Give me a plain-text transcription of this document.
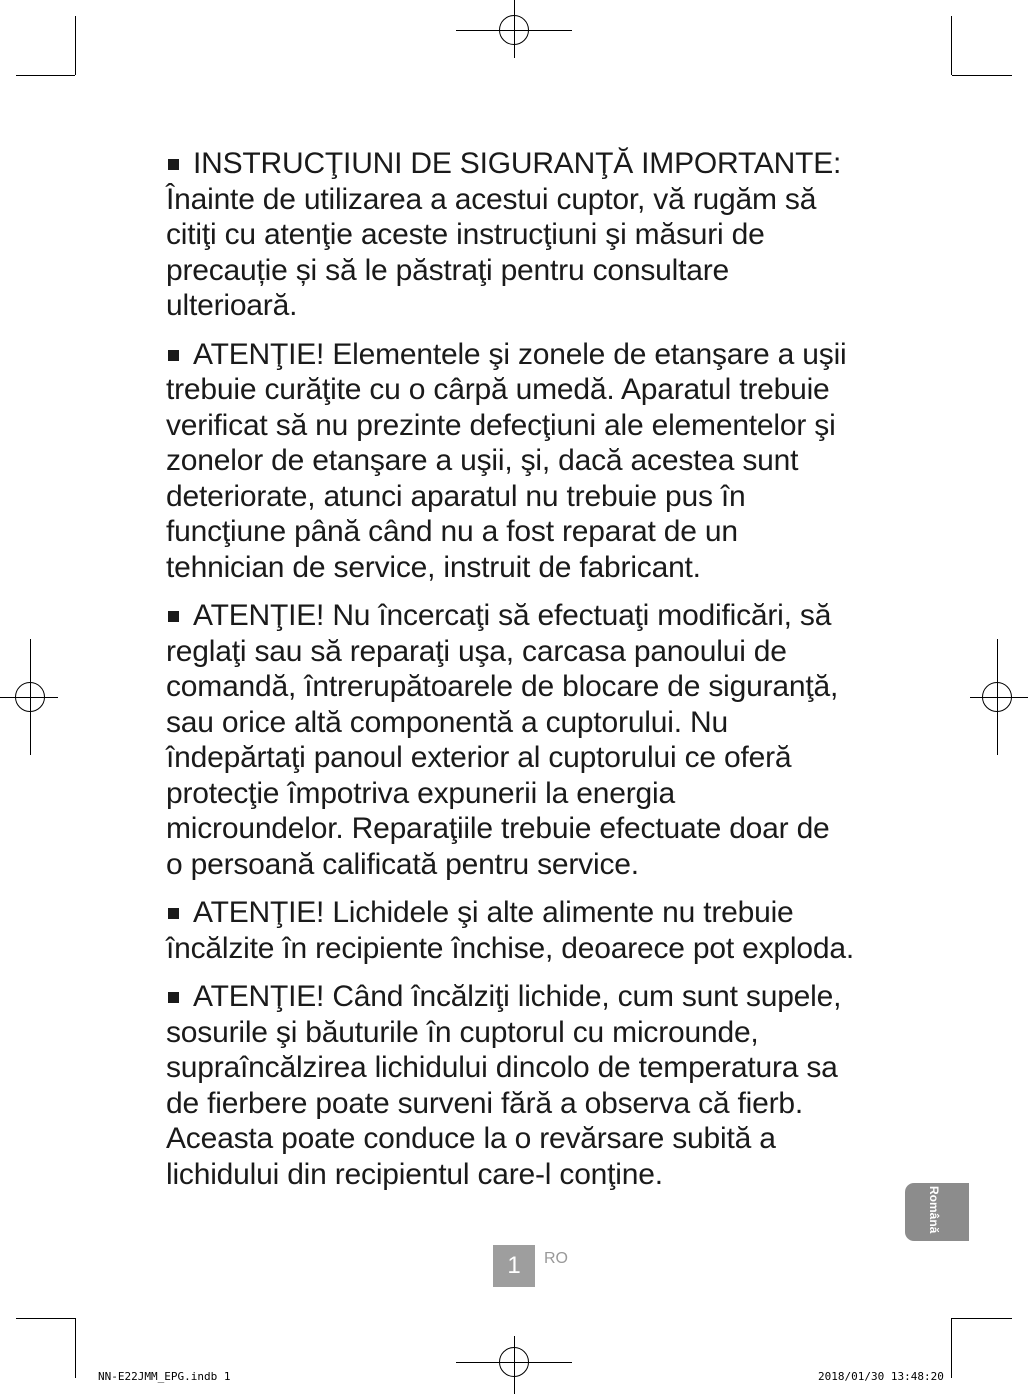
INSTRUCŢIUNI DE SIGURANŢĂ IMPORTANTE:

Înainte de utilizarea a acestui cuptor, vă rugăm să

citiţi cu atenţie aceste instrucţiuni şi măsuri de

precauție și să le păstraţi pentru consultare ulterioară.

ATENŢIE! Elementele şi zonele de etanşare a uşii

trebuie curăţite cu o cârpă umedă. Aparatul trebuie

verificat să nu prezinte defecţiuni ale elementelor şi

zonelor de etanşare a uşii, şi, dacă acestea sunt

deteriorate, atunci aparatul nu trebuie pus în

funcţiune până când nu a fost reparat de un

tehnician de service, instruit de fabricant.

ATENŢIE! Nu încercaţi să efectuaţi modificări, să

reglaţi sau să reparaţi uşa, carcasa panoului de

comandă, întrerupătoarele de blocare de siguranţă,

sau orice altă componentă a cuptorului. Nu

îndepărtaţi panoul exterior al cuptorului ce oferă

protecţie împotriva expunerii la energia

microundelor. Reparaţiile trebuie efectuate doar de

o persoană calificată pentru service.

ATENŢIE! Lichidele şi alte alimente nu trebuie

încălzite în recipiente închise, deoarece pot exploda.

ATENŢIE! Când încălziţi lichide, cum sunt supele,

sosurile şi băuturile în cuptorul cu microunde,

supraîncălzirea lichidului dincolo de temperatura sa

de fierbere poate surveni fără a observa că fierb.

Aceasta poate conduce la o revărsare subită a

lichidului din recipientul care-l conţine.

Română
1	RO
NN-E22JMM_EPG.indb 1	2018/01/30 13:48:20
